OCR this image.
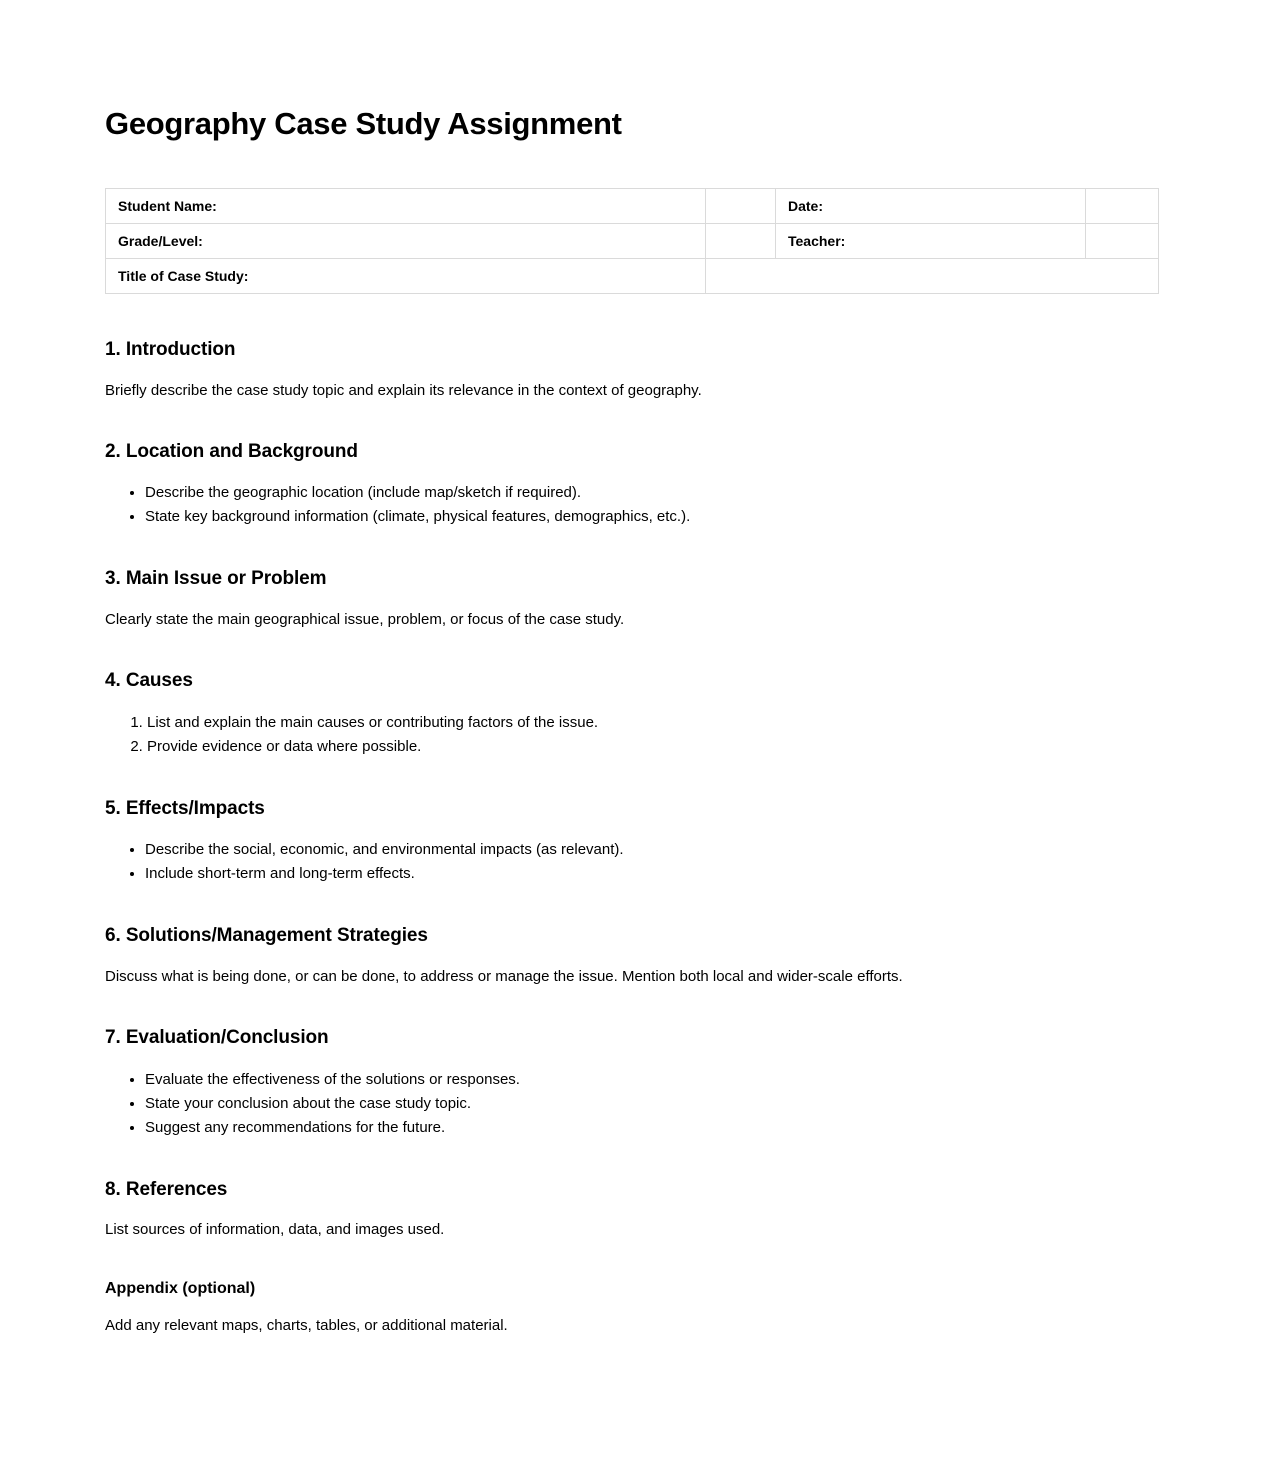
Geography Case Study Assignment
Student Name:		Date:	
Grade/Level:		Teacher:	
Title of Case Study:			
1. Introduction

Briefly describe the case study topic and explain its relevance in the context of geography.

2. Location and Background
• Describe the geographic location (include map/sketch if required).
• State key background information (climate, physical features, demographics, etc.).
3. Main Issue or Problem

Clearly state the main geographical issue, problem, or focus of the case study.

4. Causes
1. List and explain the main causes or contributing factors of the issue.
2. Provide evidence or data where possible.
5. Effects/Impacts
• Describe the social, economic, and environmental impacts (as relevant).
• Include short-term and long-term effects.
6. Solutions/Management Strategies

Discuss what is being done, or can be done, to address or manage the issue. Mention both local and wider-scale efforts.

7. Evaluation/Conclusion
• Evaluate the effectiveness of the solutions or responses.
• State your conclusion about the case study topic.
• Suggest any recommendations for the future.
8. References

List sources of information, data, and images used.

Appendix (optional)

Add any relevant maps, charts, tables, or additional material.
